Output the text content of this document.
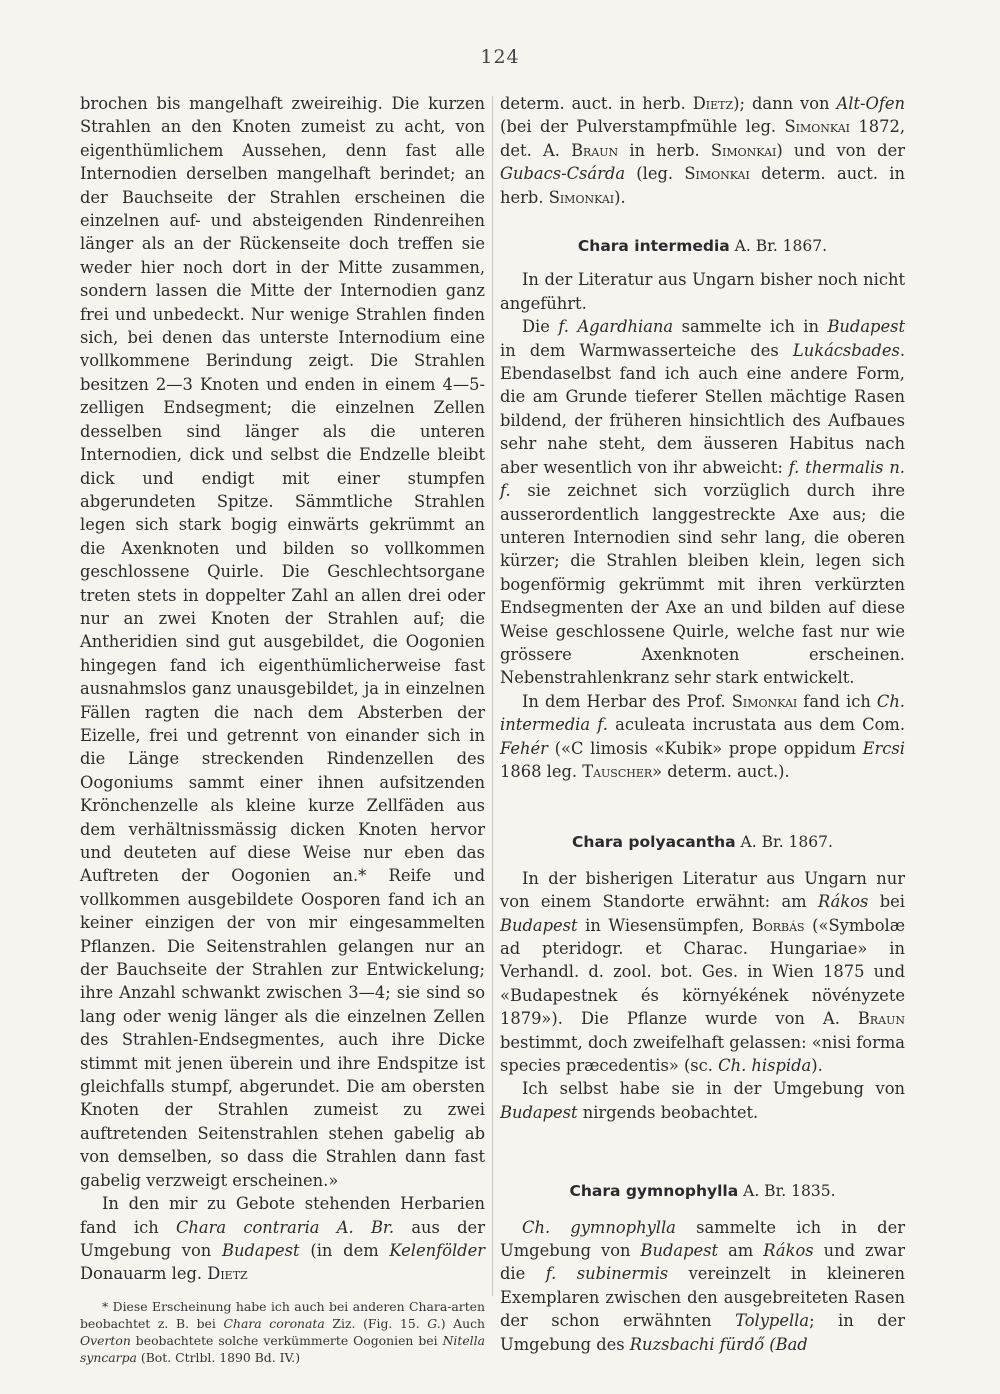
124

brochen bis mangelhaft zweireihig. Die kurzen Strahlen an den Knoten zumeist zu acht, von eigenthümlichem Aussehen, denn fast alle Internodien derselben mangelhaft berindet; an der Bauchseite der Strahlen erscheinen die einzelnen auf- und absteigenden Rindenreihen länger als an der Rückenseite doch treffen sie weder hier noch dort in der Mitte zusammen, sondern lassen die Mitte der Internodien ganz frei und unbedeckt. Nur wenige Strahlen finden sich, bei denen das unterste Internodium eine vollkommene Berindung zeigt. Die Strahlen besitzen 2—3 Knoten und enden in einem 4—5-zelligen Endsegment; die einzelnen Zellen desselben sind länger als die unteren Internodien, dick und selbst die Endzelle bleibt dick und endigt mit einer stumpfen abgerundeten Spitze. Sämmtliche Strahlen legen sich stark bogig einwärts gekrümmt an die Axenknoten und bilden so vollkommen geschlossene Quirle. Die Geschlechtsorgane treten stets in doppelter Zahl an allen drei oder nur an zwei Knoten der Strahlen auf; die Antheridien sind gut ausgebildet, die Oogonien hingegen fand ich eigenthümlicherweise fast ausnahmslos ganz unausgebildet, ja in einzelnen Fällen ragten die nach dem Absterben der Eizelle, frei und getrennt von einander sich in die Länge streckenden Rindenzellen des Oogoniums sammt einer ihnen aufsitzenden Krönchenzelle als kleine kurze Zellfäden aus dem verhältnissmässig dicken Knoten hervor und deuteten auf diese Weise nur eben das Auftreten der Oogonien an.* Reife und vollkommen ausgebildete Oosporen fand ich an keiner einzigen der von mir eingesammelten Pflanzen. Die Seitenstrahlen gelangen nur an der Bauchseite der Strahlen zur Entwickelung; ihre Anzahl schwankt zwischen 3—4; sie sind so lang oder wenig länger als die einzelnen Zellen des Strahlen-Endsegmentes, auch ihre Dicke stimmt mit jenen überein und ihre Endspitze ist gleichfalls stumpf, abgerundet. Die am obersten Knoten der Strahlen zumeist zu zwei auftretenden Seitenstrahlen stehen gabelig ab von demselben, so dass die Strahlen dann fast gabelig verzweigt erscheinen.»

In den mir zu Gebote stehenden Herbarien fand ich Chara contraria A. Br. aus der Umgebung von Budapest (in dem Kelenfölder Donauarm leg. Dietz

* Diese Erscheinung habe ich auch bei anderen Chara-arten beobachtet z. B. bei Chara coronata Ziz. (Fig. 15. G.) Auch Overton beobachtete solche verkümmerte Oogonien bei Nitella syncarpa (Bot. Ctrlbl. 1890 Bd. IV.)

determ. auct. in herb. Dietz); dann von Alt-Ofen (bei der Pulverstampfmühle leg. Simonkai 1872, det. A. Braun in herb. Simonkai) und von der Gubacs-Csárda (leg. Simonkai determ. auct. in herb. Simonkai).

Chara intermedia A. Br. 1867.

In der Literatur aus Ungarn bisher noch nicht angeführt.

Die f. Agardhiana sammelte ich in Budapest in dem Warmwasserteiche des Lukácsbades. Ebendaselbst fand ich auch eine andere Form, die am Grunde tieferer Stellen mächtige Rasen bildend, der früheren hinsichtlich des Aufbaues sehr nahe steht, dem äusseren Habitus nach aber wesentlich von ihr abweicht: f. thermalis n. f. sie zeichnet sich vorzüglich durch ihre ausserordentlich langgestreckte Axe aus; die unteren Internodien sind sehr lang, die oberen kürzer; die Strahlen bleiben klein, legen sich bogenförmig gekrümmt mit ihren verkürzten Endsegmenten der Axe an und bilden auf diese Weise geschlossene Quirle, welche fast nur wie grössere Axenknoten erscheinen. Nebenstrahlenkranz sehr stark entwickelt.

In dem Herbar des Prof. Simonkai fand ich Ch. intermedia f. aculeata incrustata aus dem Com. Fehér («C limosis «Kubik» prope oppidum Ercsi 1868 leg. Tauscher» determ. auct.).

Chara polyacantha A. Br. 1867.

In der bisherigen Literatur aus Ungarn nur von einem Standorte erwähnt: am Rákos bei Budapest in Wiesensümpfen, Borbás («Symbolæ ad pteridogr. et Charac. Hungariae» in Verhandl. d. zool. bot. Ges. in Wien 1875 und «Budapestnek és környékének növényzete 1879»). Die Pflanze wurde von A. Braun bestimmt, doch zweifelhaft gelassen: «nisi forma species præcedentis» (sc. Ch. hispida).

Ich selbst habe sie in der Umgebung von Budapest nirgends beobachtet.

Chara gymnophylla A. Br. 1835.

Ch. gymnophylla sammelte ich in der Umgebung von Budapest am Rákos und zwar die f. subinermis vereinzelt in kleineren Exemplaren zwischen den ausgebreiteten Rasen der schon erwähnten Tolypella; in der Umgebung des Ruzsbachi fürdő (Bad
